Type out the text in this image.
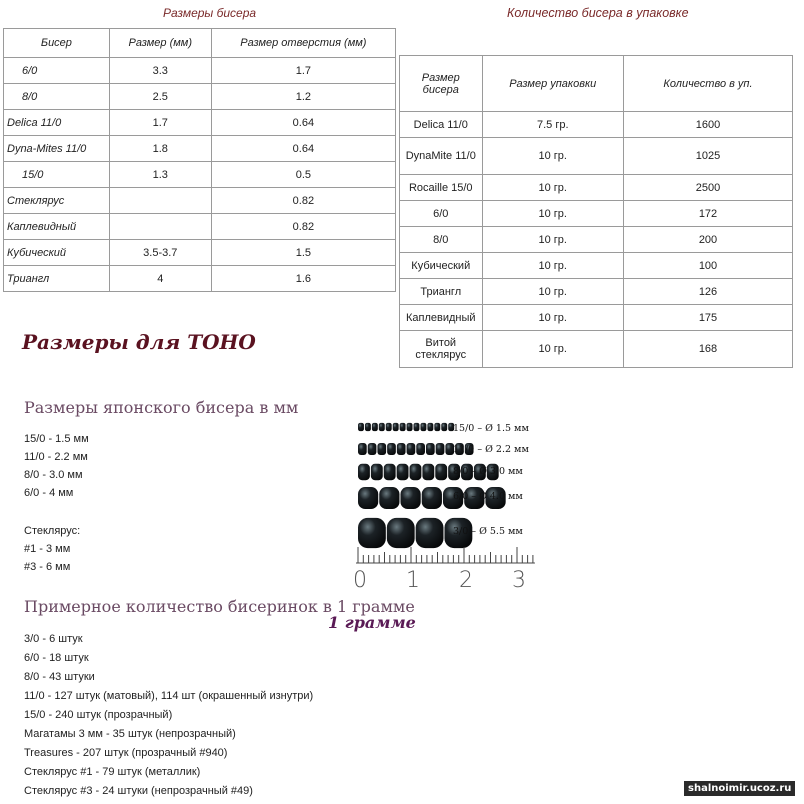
Размеры бисера
Бисер	Размер (мм)	Размер отверстия (мм)
6/0	3.3	1.7
8/0	2.5	1.2
Delica 11/0	1.7	0.64
Dyna-Mites 11/0	1.8	0.64
15/0	1.3	0.5
Стеклярус		0.82
Каплевидный		0.82
Кубический	3.5-3.7	1.5
Триангл	4	1.6
Количество бисера в упаковке
Размер бисера	Размер упаковки	Количество в уп.
Delica 11/0	7.5 гр.	1600
DynaMite 11/0	10 гр.	1025
Rocaille 15/0	10 гр.	2500
6/0	10 гр.	172
8/0	10 гр.	200
Кубический	10 гр.	100
Триангл	10 гр.	126
Каплевидный	10 гр.	175
Витой стеклярус	10 гр.	168
Размеры для ТОНО
Размеры японского бисера в мм
15/0 - 1.5 мм
11/0 - 2.2 мм
8/0 - 3.0 мм
6/0 - 4 мм
Стеклярус:
#1 - 3 мм
#3 - 6 мм
0 1 2 3
15/0 – Ø 1.5 мм
11/0 – Ø 2.2 мм
8/0 – Ø 3.0 мм
6/0 – Ø 4.0 мм
3/0 – Ø 5.5 мм
Примерное количество бисеринок в 1 грамме
1 грамме
3/0 - 6 штук
6/0 - 18 штук
8/0 - 43 штуки
11/0 - 127 штук (матовый), 114 шт (окрашенный изнутри)
15/0 - 240 штук (прозрачный)
Магатамы 3 мм - 35 штук (непрозрачный)
Treasures - 207 штук (прозрачный #940)
Стеклярус #1 - 79 штук (металлик)
Стеклярус #3 - 24 штуки (непрозрачный #49)	shalnoimir.ucoz.ru
